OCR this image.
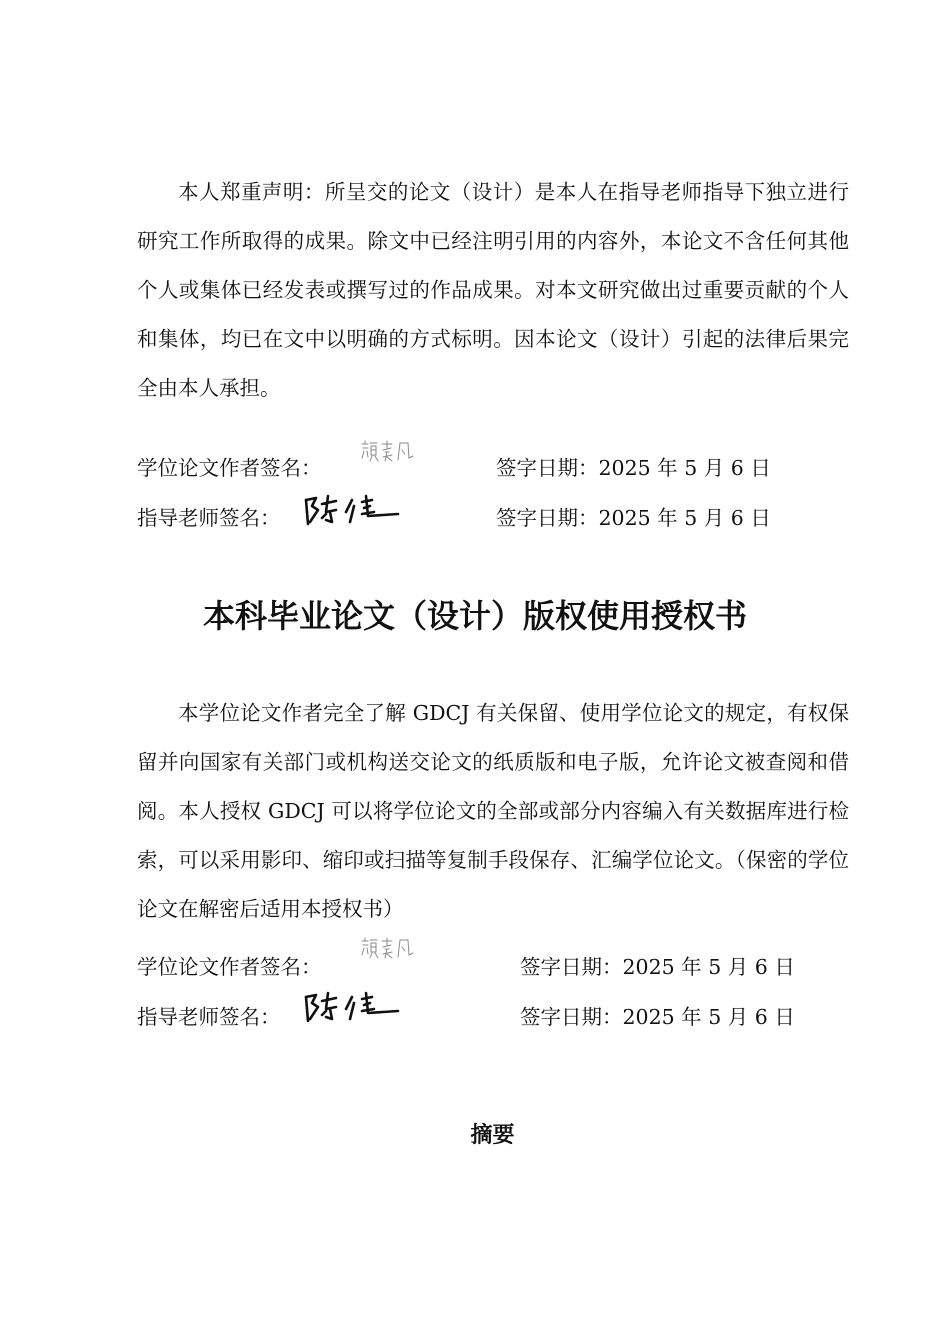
本人郑重声明：所呈交的论文（设计）是本人在指导老师指导下独立进行研究工作所取得的成果。除文中已经注明引用的内容外，本论文不含任何其他个人或集体已经发表或撰写过的作品成果。对本文研究做出过重要贡献的个人和集体，均已在文中以明确的方式标明。因本论文（设计）引起的法律后果完全由本人承担。

学位论文作者签名：	签字日期：2025 年 5 月 6 日
指导老师签名：	签字日期：2025 年 5 月 6 日
本科毕业论文（设计）版权使用授权书

本学位论文作者完全了解 GDCJ 有关保留、使用学位论文的规定，有权保留并向国家有关部门或机构送交论文的纸质版和电子版，允许论文被查阅和借阅。本人授权 GDCJ 可以将学位论文的全部或部分内容编入有关数据库进行检索，可以采用影印、缩印或扫描等复制手段保存、汇编学位论文。（保密的学位论文在解密后适用本授权书）

学位论文作者签名：	签字日期：2025 年 5 月 6 日
指导老师签名：	签字日期：2025 年 5 月 6 日
摘要
